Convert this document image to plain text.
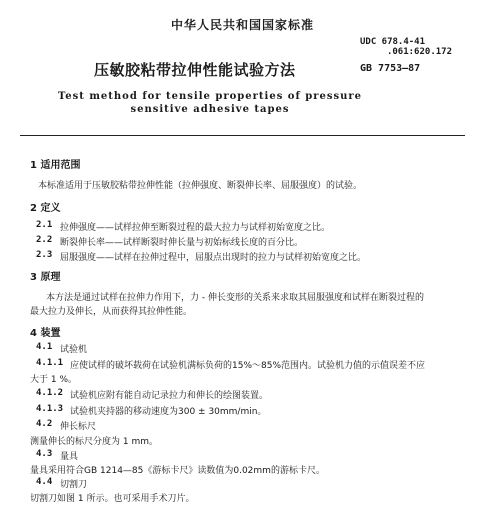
中华人民共和国国家标准
UDC 678.4-41
.061:620.172
压敏胶粘带拉伸性能试验方法	GB 7753—87
Test method for tensile properties of pressure
sensitive adhesive tapes
1 适用范围
本标准适用于压敏胶粘带拉伸性能（拉伸强度、断裂伸长率、屈服强度）的试验。
2 定义
2.1 拉伸强度——试样拉伸至断裂过程的最大拉力与试样初始宽度之比。
2.2 断裂伸长率——试样断裂时伸长量与初始标线长度的百分比。
2.3 屈服强度——试样在拉伸过程中，屈服点出现时的拉力与试样初始宽度之比。
3 原理
本方法是通过试样在拉伸力作用下，力 - 伸长变形的关系来求取其屈服强度和试样在断裂过程的
最大拉力及伸长，从而获得其拉伸性能。
4 装置
4.1 试验机
4.1.1 应使试样的破坏载荷在试验机满标负荷的15%～85%范围内。试验机力值的示值误差不应
大于 1 %。
4.1.2 试验机应附有能自动记录拉力和伸长的绘图装置。
4.1.3 试验机夹持器的移动速度为300 ± 30mm/min。
4.2 伸长标尺
测量伸长的标尺分度为 1 mm。
4.3 量具
量具采用符合GB 1214—85《游标卡尺》读数值为0.02mm的游标卡尺。
4.4 切割刀
切割刀如图 1 所示。也可采用手术刀片。
